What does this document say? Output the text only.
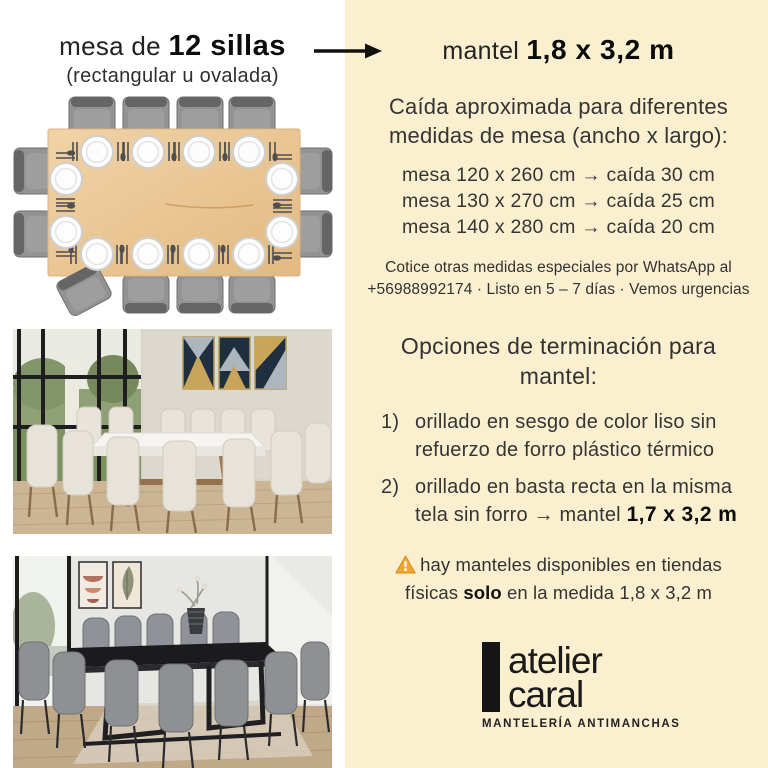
mesa de 12 sillas
(rectangular u ovalada)
mantel 1,8 x 3,2 m
Caída aproximada para diferentes medidas de mesa (ancho x largo):
mesa 120 x 260 cm → caída 30 cm
mesa 130 x 270 cm → caída 25 cm
mesa 140 x 280 cm → caída 20 cm
Cotice otras medidas especiales por WhatsApp al +56988992174 · Listo en 5 – 7 días · Vemos urgencias
Opciones de terminación para mantel:
1) orillado en sesgo de color liso sin refuerzo de forro plástico térmico
2) orillado en basta recta en la misma tela sin forro → mantel 1,7 x 3,2 m
hay manteles disponibles en tiendas físicas solo en la medida 1,8 x 3,2 m
atelier
caral
MANTELERÍA ANTIMANCHAS
